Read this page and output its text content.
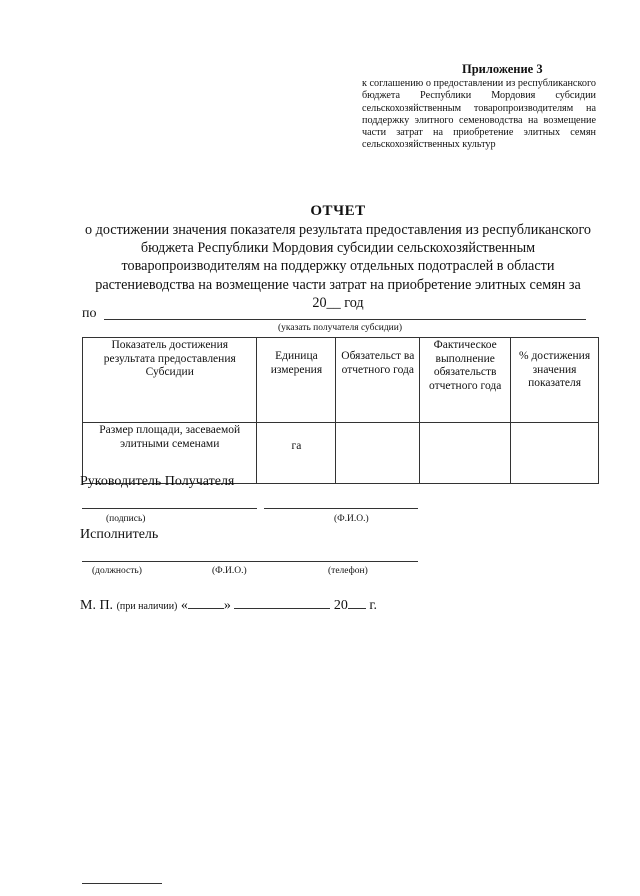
Приложение 3
к соглашению о предоставлении из республиканского бюджета Республики Мордовия субсидии сельскохозяйственным товаропроизводителям на поддержку элитного семеноводства на возмещение части затрат на приобретение элитных семян сельскохозяйственных культур
ОТЧЕТ
о достижении значения показателя результата предоставления из республиканского бюджета Республики Мордовия субсидии сельскохозяйственным товаропроизводителям на поддержку отдельных подотраслей в области растениеводства на возмещение части затрат на приобретение элитных семян за 20__ год
по
(указать получателя субсидии)
Показатель достижения результата предоставления Субсидии	Единица измерения	Обязательст ва отчетного года	Фактическое выполнение обязательств отчетного года	% достижения значения показателя
Размер площади, засеваемой элитными семенами	га			
Руководитель Получателя
(подпись)	(Ф.И.О.)
Исполнитель
(должность)	(Ф.И.О.)	(телефон)
М. П. (при наличии) «	»	20 г.
